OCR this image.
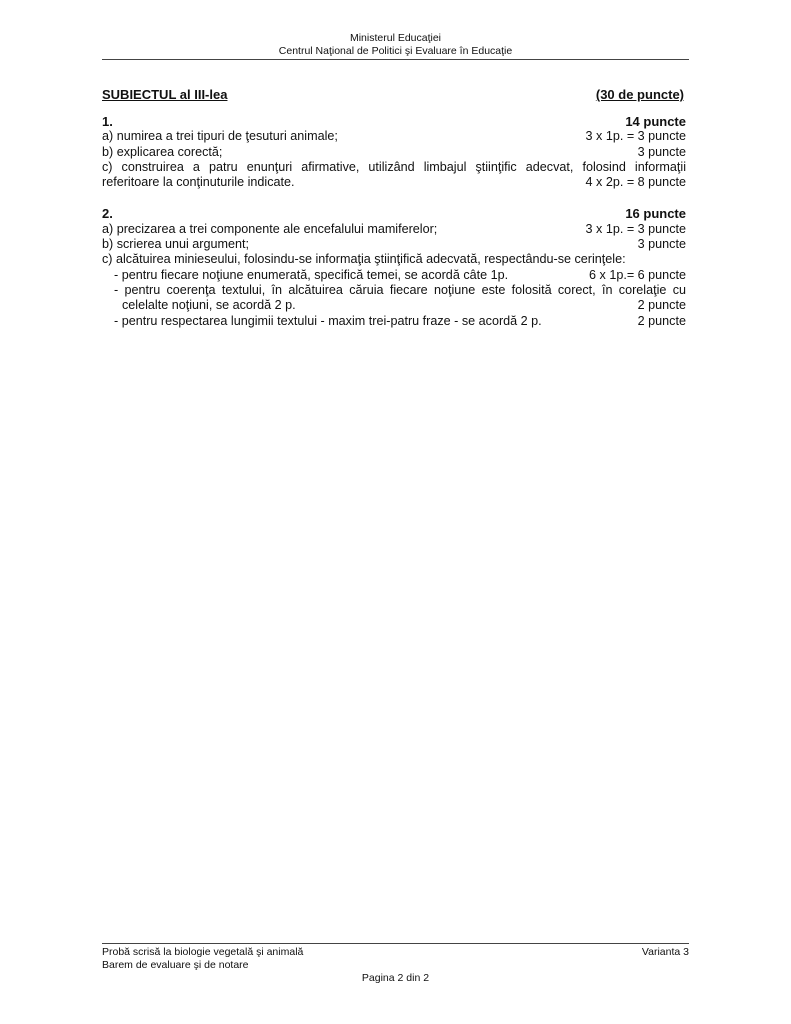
Ministerul Educaţiei
Centrul Naţional de Politici şi Evaluare în Educaţie
SUBIECTUL al III-lea	(30 de puncte)
1.	14 puncte
a) numirea a trei tipuri de ţesuturi animale;	3 x 1p. = 3 puncte
b) explicarea corectă;	3 puncte
c) construirea a patru enunţuri afirmative, utilizând limbajul ştiinţific adecvat, folosind informaţii
referitoare la conţinuturile indicate.	4 x 2p. = 8 puncte
2.	16 puncte
a) precizarea a trei componente ale encefalului mamiferelor;	3 x 1p. = 3 puncte
b) scrierea unui argument;	3 puncte
c) alcătuirea minieseului, folosindu-se informaţia ştiinţifică adecvată, respectându-se cerinţele:
- pentru fiecare noţiune enumerată, specifică temei, se acordă câte 1p.	6 x 1p.= 6 puncte
- pentru coerenţa textului, în alcătuirea căruia fiecare noţiune este folosită corect, în corelaţie cu
celelalte noţiuni, se acordă 2 p.	2 puncte
- pentru respectarea lungimii textului - maxim trei-patru fraze - se acordă 2 p.	2 puncte
Probă scrisă la biologie vegetală şi animală	Varianta 3
Barem de evaluare şi de notare
Pagina 2 din 2
